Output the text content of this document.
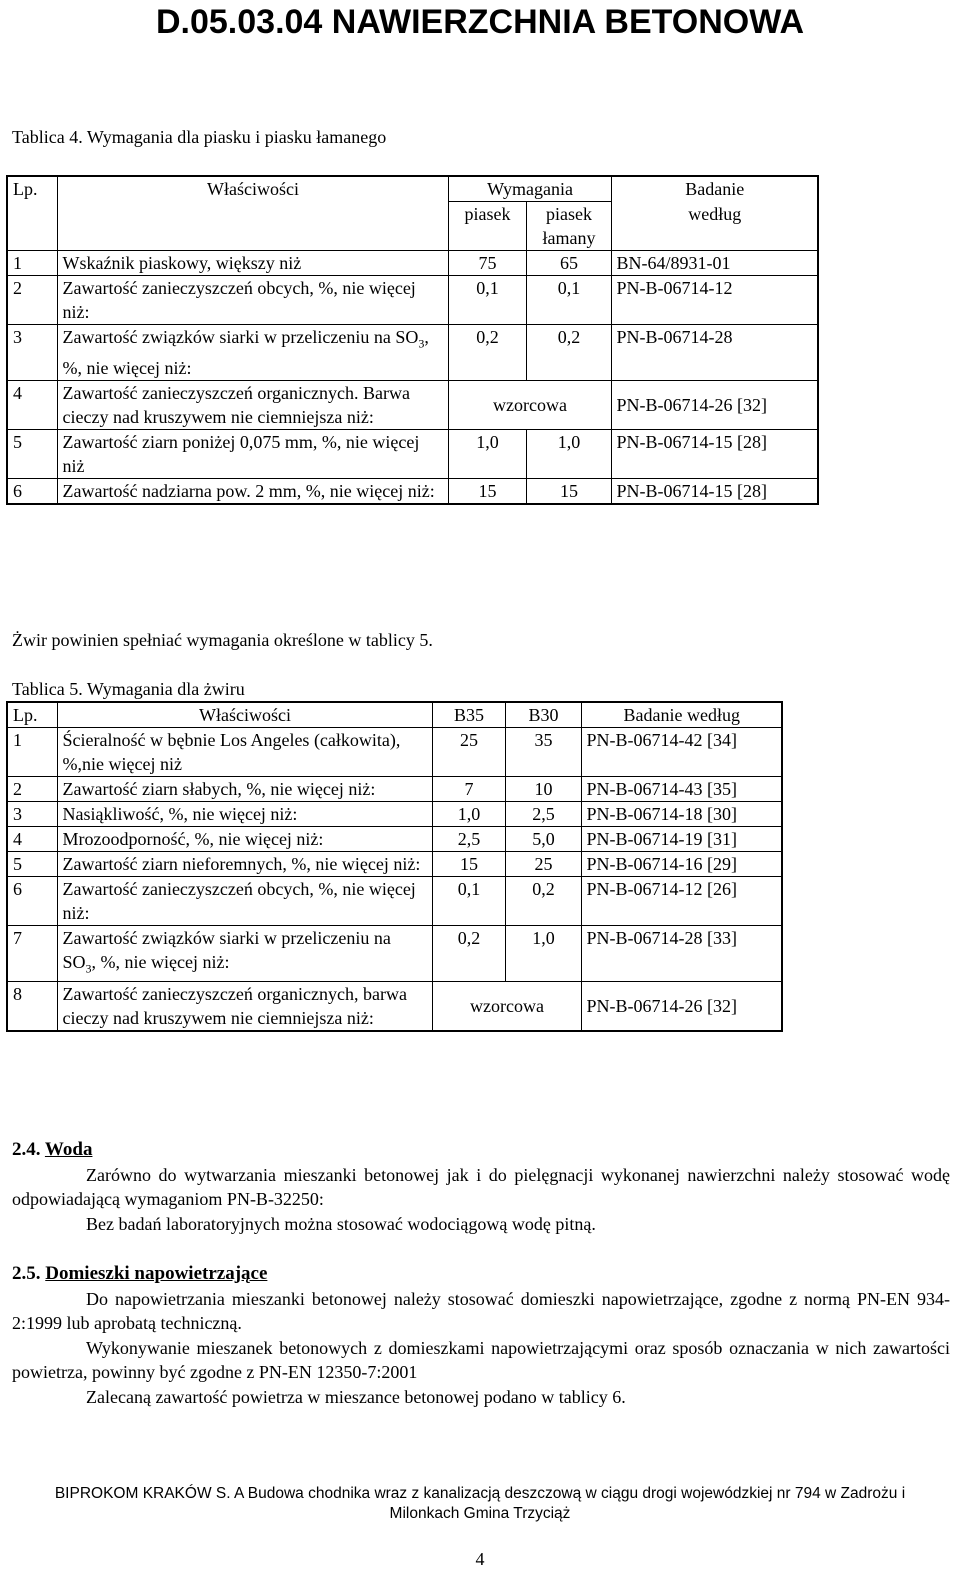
D.05.03.04 NAWIERZCHNIA BETONOWA
Tablica 4. Wymagania dla piasku i piasku łamanego
Lp.	Właściwości	Wymagania		Badanie
		piasek	piasek łamany	według
1	Wskaźnik piaskowy, większy niż	75	65	BN-64/8931-01
2	Zawartość zanieczyszczeń obcych, %, nie więcej niż:	0,1	0,1	PN-B-06714-12
3	Zawartość związków siarki w przeliczeniu na $SO_3$, %, nie więcej niż:	0,2	0,2	PN-B-06714-28
4	Zawartość zanieczyszczeń organicznych. Barwa cieczy nad kruszywem nie ciemniejsza niż:	wzorcowa		PN-B-06714-26 [32]
5	Zawartość ziarn poniżej 0,075 mm, %, nie więcej niż	1,0	1,0	PN-B-06714-15 [28]
6	Zawartość nadziarna pow. 2 mm, %, nie więcej niż:	15	15	PN-B-06714-15 [28]
Żwir powinien spełniać wymagania określone w tablicy 5.
Tablica 5. Wymagania dla żwiru
Lp.	Właściwości	B35	B30	Badanie według
1	Ścieralność w bębnie Los Angeles (całkowita), %,nie więcej niż	25	35	PN-B-06714-42 [34]
2	Zawartość ziarn słabych, %, nie więcej niż:	7	10	PN-B-06714-43 [35]
3	Nasiąkliwość, %, nie więcej niż:	1,0	2,5	PN-B-06714-18 [30]
4	Mrozoodporność, %, nie więcej niż:	2,5	5,0	PN-B-06714-19 [31]
5	Zawartość ziarn nieforemnych, %, nie więcej niż:	15	25	PN-B-06714-16 [29]
6	Zawartość zanieczyszczeń obcych, %, nie więcej niż:	0,1	0,2	PN-B-06714-12 [26]
7	Zawartość związków siarki w przeliczeniu na $SO_3$, %, nie więcej niż:	0,2	1,0	PN-B-06714-28 [33]
8	Zawartość zanieczyszczeń organicznych, barwa cieczy nad kruszywem nie ciemniejsza niż:	wzorcowa		PN-B-06714-26 [32]
2.4. Woda
Zarówno do wytwarzania mieszanki betonowej jak i do pielęgnacji wykonanej nawierzchni należy stosować wodę odpowiadającą wymaganiom PN-B-32250:
Bez badań laboratoryjnych można stosować wodociągową wodę pitną.
2.5. Domieszki napowietrzające
Do napowietrzania mieszanki betonowej należy stosować domieszki napowietrzające, zgodne z normą PN-EN 934-2:1999 lub aprobatą techniczną.
Wykonywanie mieszanek betonowych z domieszkami napowietrzającymi oraz sposób oznaczania w nich zawartości powietrza, powinny być zgodne z PN-EN 12350-7:2001
Zalecaną zawartość powietrza w mieszance betonowej podano w tablicy 6.
BIPROKOM KRAKÓW S. A Budowa chodnika wraz z kanalizacją deszczową w ciągu drogi wojewódzkiej nr 794 w Zadrożu i
Milonkach Gmina Trzyciąż
4
